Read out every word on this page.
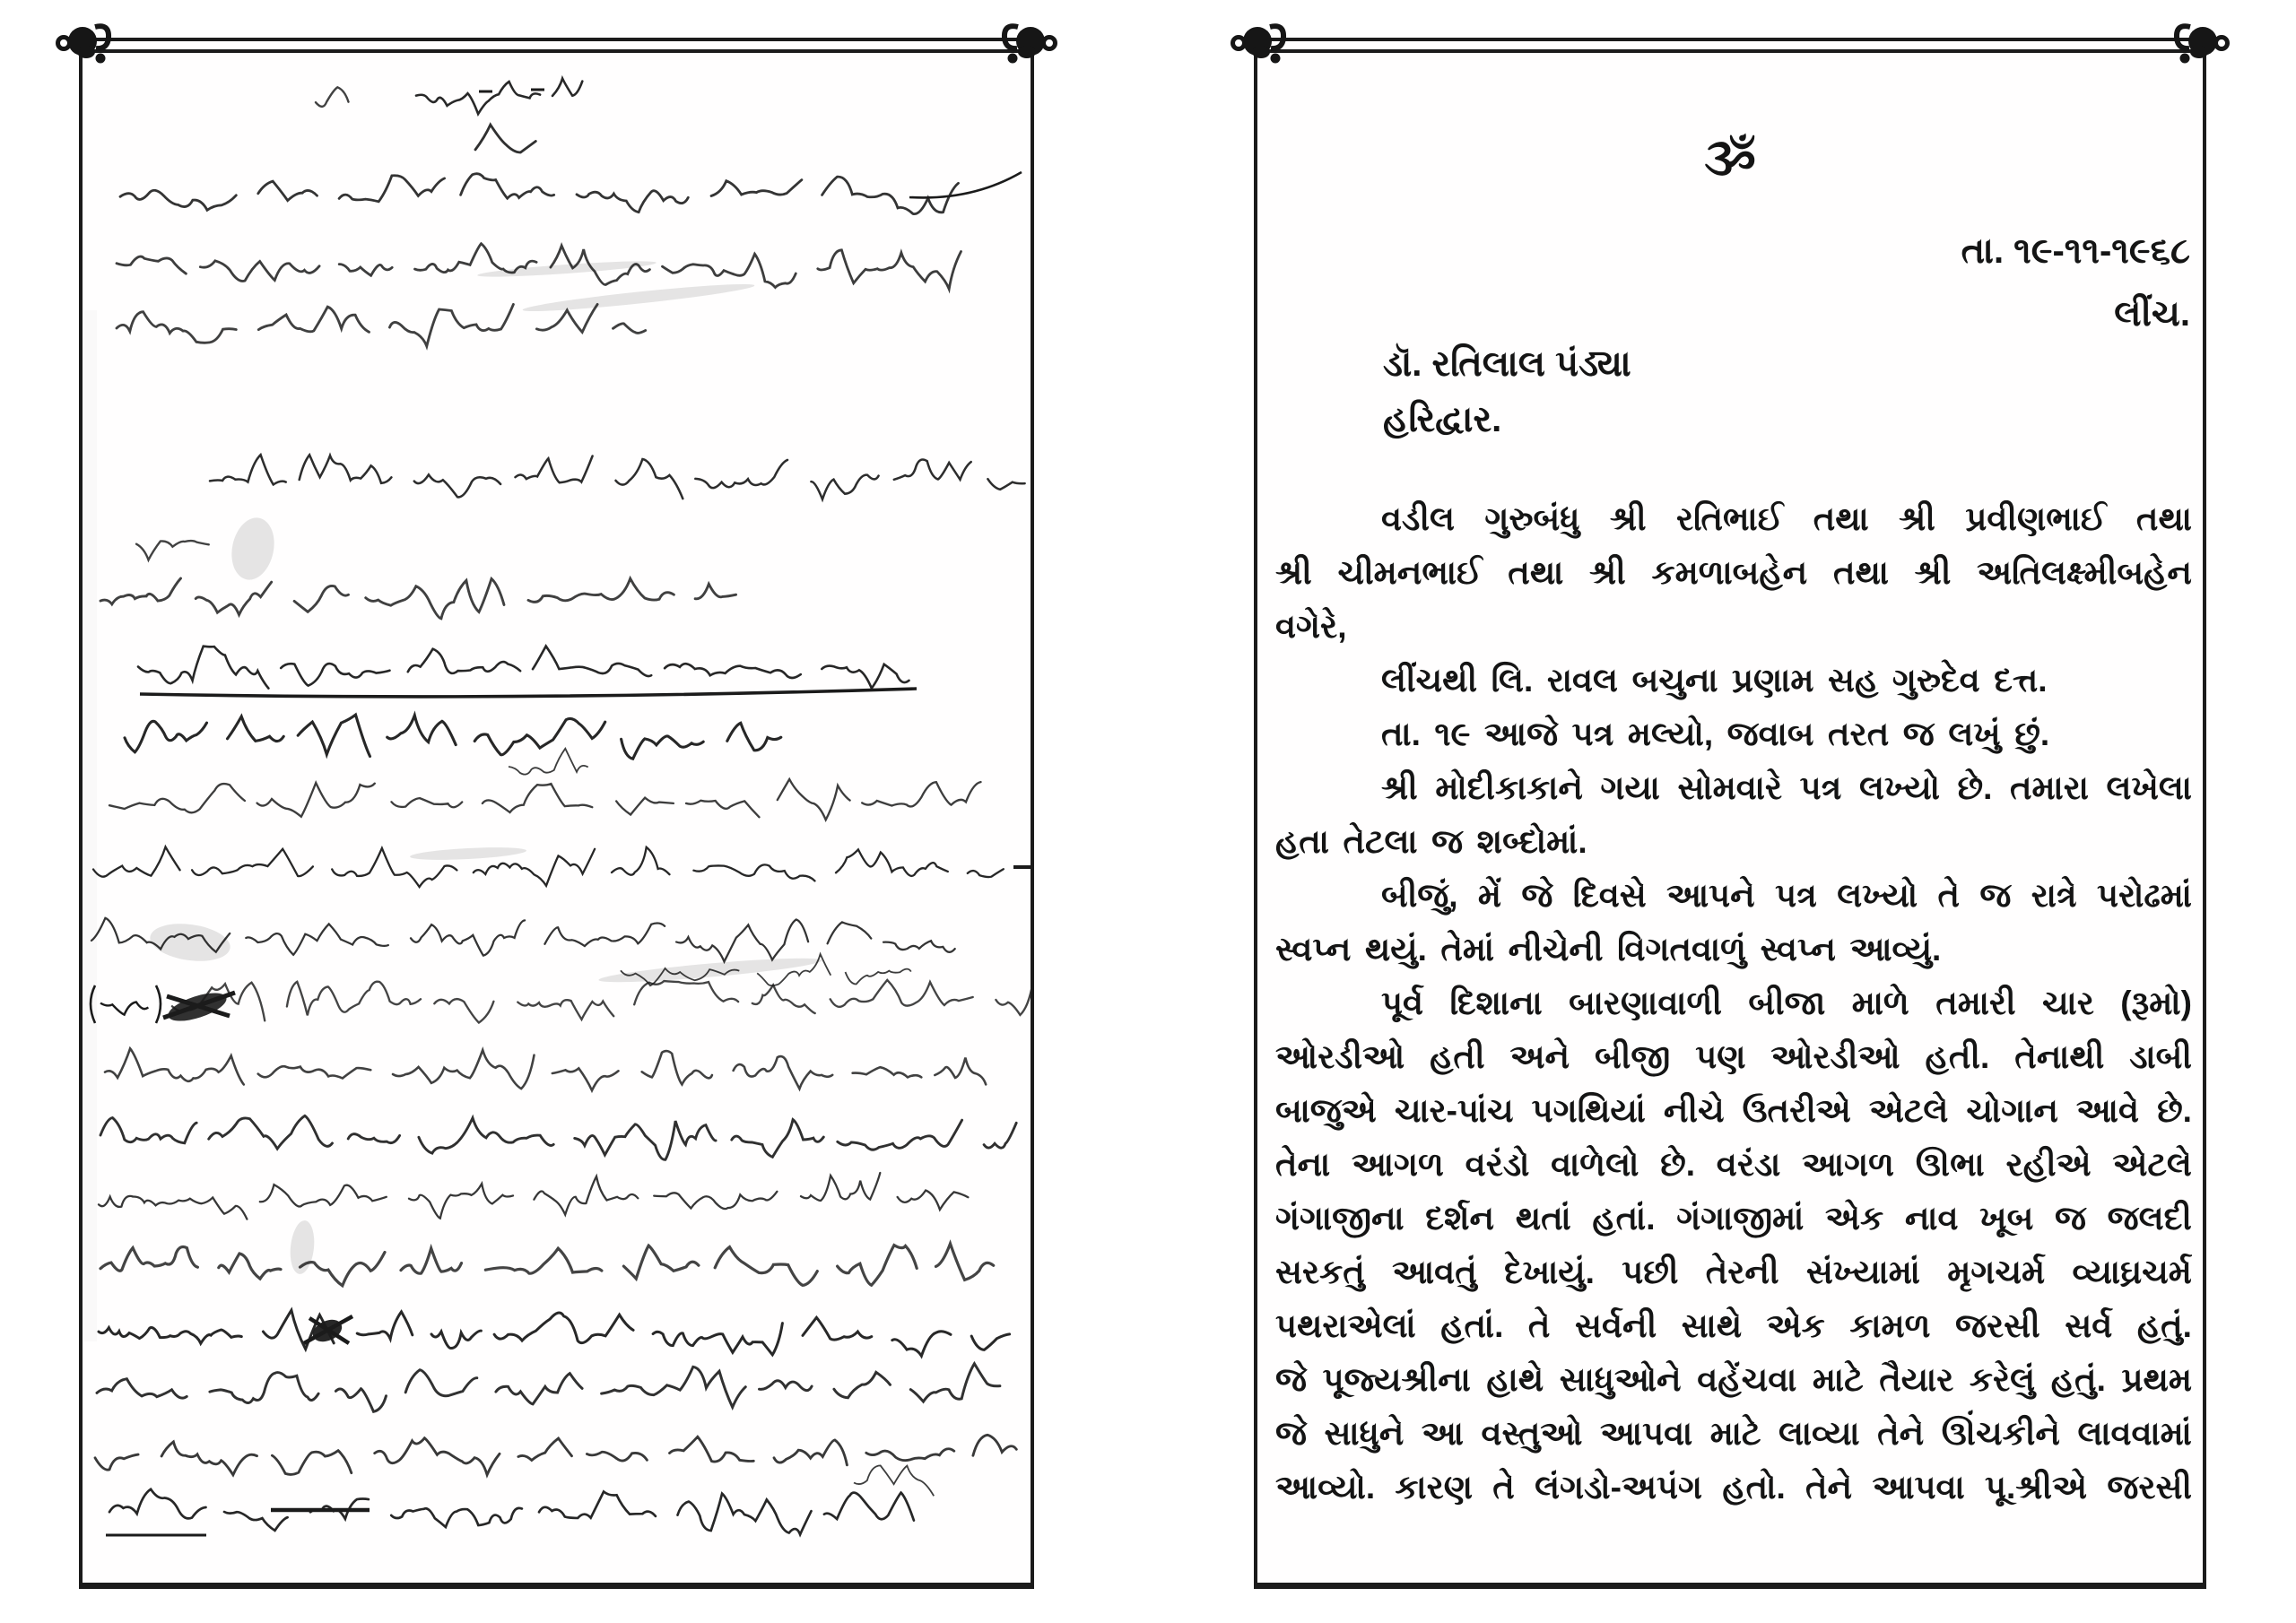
ૐ
તા. ૧૯-૧૧-૧૯૬૮
લીંચ.
ડૉ. રતિલાલ પંડ્યા
હરિદ્વાર.
વડીલ ગુરુબંધુ શ્રી રતિભાઈ તથા શ્રી પ્રવીણભાઈ તથા
શ્રી ચીમનભાઈ તથા શ્રી કમળાબહેન તથા શ્રી અતિલક્ષ્મીબહેન
વગેરે,
લીંચથી લિ. રાવલ બચુના પ્રણામ સહ ગુરુદેવ દત્ત.
તા. ૧૯ આજે પત્ર મલ્યો, જવાબ તરત જ લખું છું.
શ્રી મોદીકાકાને ગયા સોમવારે પત્ર લખ્યો છે. તમારા લખેલા
હતા તેટલા જ શબ્દોમાં.
બીજું, મેં જે દિવસે આપને પત્ર લખ્યો તે જ રાત્રે પરોઢમાં
સ્વપ્ન થયું. તેમાં નીચેની વિગતવાળું સ્વપ્ન આવ્યું.
પૂર્વ દિશાના બારણાવાળી બીજા માળે તમારી ચાર (રૂમો)
ઓરડીઓ હતી અને બીજી પણ ઓરડીઓ હતી. તેનાથી ડાબી
બાજુએ ચાર-પાંચ પગથિયાં નીચે ઉતરીએ એટલે ચોગાન આવે છે.
તેના આગળ વરંડો વાળેલો છે. વરંડા આગળ ઊભા રહીએ એટલે
ગંગાજીના દર્શન થતાં હતાં. ગંગાજીમાં એક નાવ ખૂબ જ જલદી
સરકતું આવતું દેખાયું. પછી તેરની સંખ્યામાં મૃગચર્મ વ્યાઘ્રચર્મ
પથરાએલાં હતાં. તે સર્વની સાથે એક કામળ જરસી સર્વ હતું.
જે પૂજ્યશ્રીના હાથે સાધુઓને વહેંચવા માટે તૈયાર કરેલું હતું. પ્રથમ
જે સાધુને આ વસ્તુઓ આપવા માટે લાવ્યા તેને ઊંચકીને લાવવામાં
આવ્યો. કારણ તે લંગડો-અપંગ હતો. તેને આપવા પૂ.શ્રીએ જરસી
